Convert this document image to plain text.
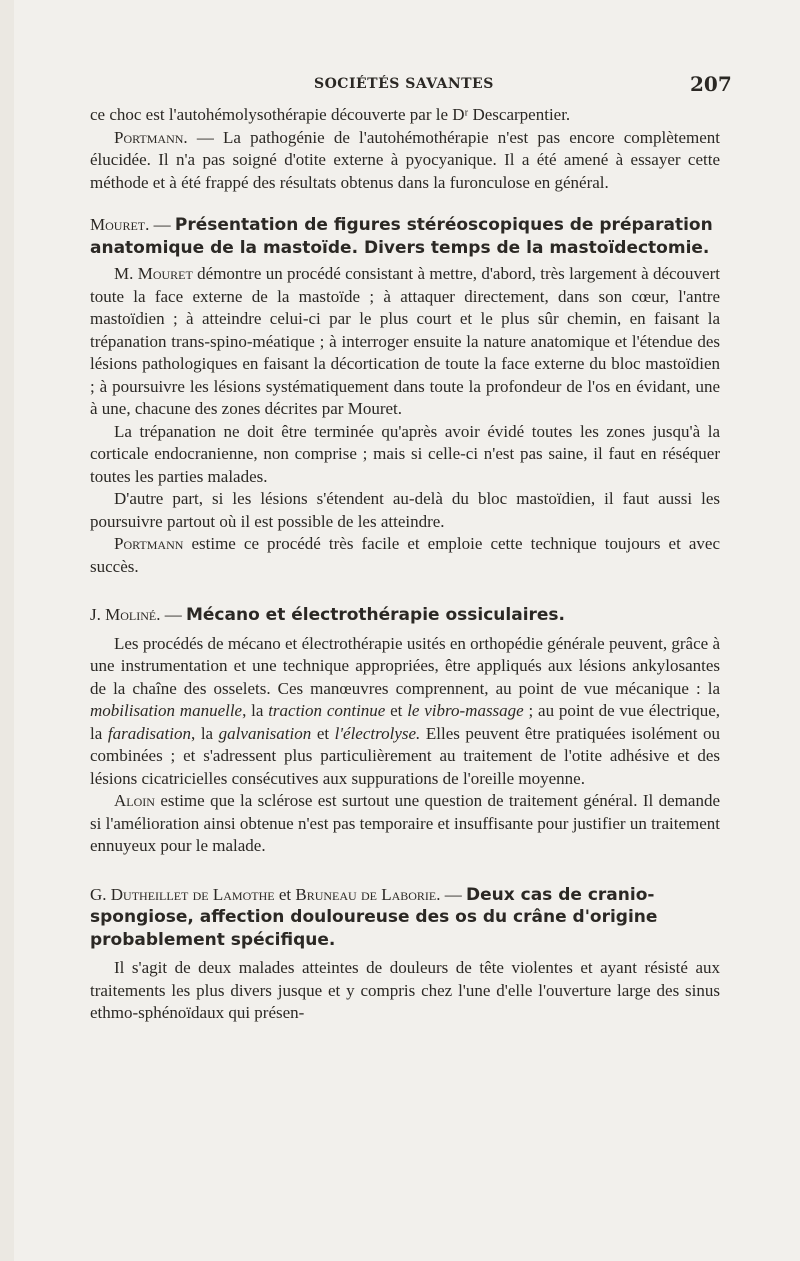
SOCIÉTÉS SAVANTES	207

ce choc est l'autohémolysothérapie découverte par le Dʳ Descarpentier.

Portmann. — La pathogénie de l'autohémothérapie n'est pas encore complètement élucidée. Il n'a pas soigné d'otite externe à pyocyanique. Il a été amené à essayer cette méthode et à été frappé des résultats obtenus dans la furonculose en général.

Mouret. — Présentation de figures stéréoscopiques de préparation anatomique de la mastoïde. Divers temps de la mastoïdectomie.

M. Mouret démontre un procédé consistant à mettre, d'abord, très largement à découvert toute la face externe de la mastoïde ; à attaquer directement, dans son cœur, l'antre mastoïdien ; à atteindre celui-ci par le plus court et le plus sûr chemin, en faisant la trépanation trans-spino-méatique ; à interroger ensuite la nature anatomique et l'étendue des lésions pathologiques en faisant la décortication de toute la face externe du bloc mastoïdien ; à poursuivre les lésions systématiquement dans toute la profondeur de l'os en évidant, une à une, chacune des zones décrites par Mouret.

La trépanation ne doit être terminée qu'après avoir évidé toutes les zones jusqu'à la corticale endocranienne, non comprise ; mais si celle-ci n'est pas saine, il faut en réséquer toutes les parties malades.

D'autre part, si les lésions s'étendent au-delà du bloc mastoïdien, il faut aussi les poursuivre partout où il est possible de les atteindre.

Portmann estime ce procédé très facile et emploie cette technique toujours et avec succès.

J. Moliné. — Mécano et électrothérapie ossiculaires.

Les procédés de mécano et électrothérapie usités en orthopédie générale peuvent, grâce à une instrumentation et une technique appropriées, être appliqués aux lésions ankylosantes de la chaîne des osselets. Ces manœuvres comprennent, au point de vue mécanique : la mobilisation manuelle, la traction continue et le vibro-massage ; au point de vue électrique, la faradisation, la galvanisation et l'électrolyse. Elles peuvent être pratiquées isolément ou combinées ; et s'adressent plus particulièrement au traitement de l'otite adhésive et des lésions cicatricielles consécutives aux suppurations de l'oreille moyenne.

Aloin estime que la sclérose est surtout une question de traitement général. Il demande si l'amélioration ainsi obtenue n'est pas temporaire et insuffisante pour justifier un traitement ennuyeux pour le malade.

G. Dutheillet de Lamothe et Bruneau de Laborie. — Deux cas de cranio-spongiose, affection douloureuse des os du crâne d'origine probablement spécifique.

Il s'agit de deux malades atteintes de douleurs de tête violentes et ayant résisté aux traitements les plus divers jusque et y compris chez l'une d'elle l'ouverture large des sinus ethmo-sphénoïdaux qui présen-
